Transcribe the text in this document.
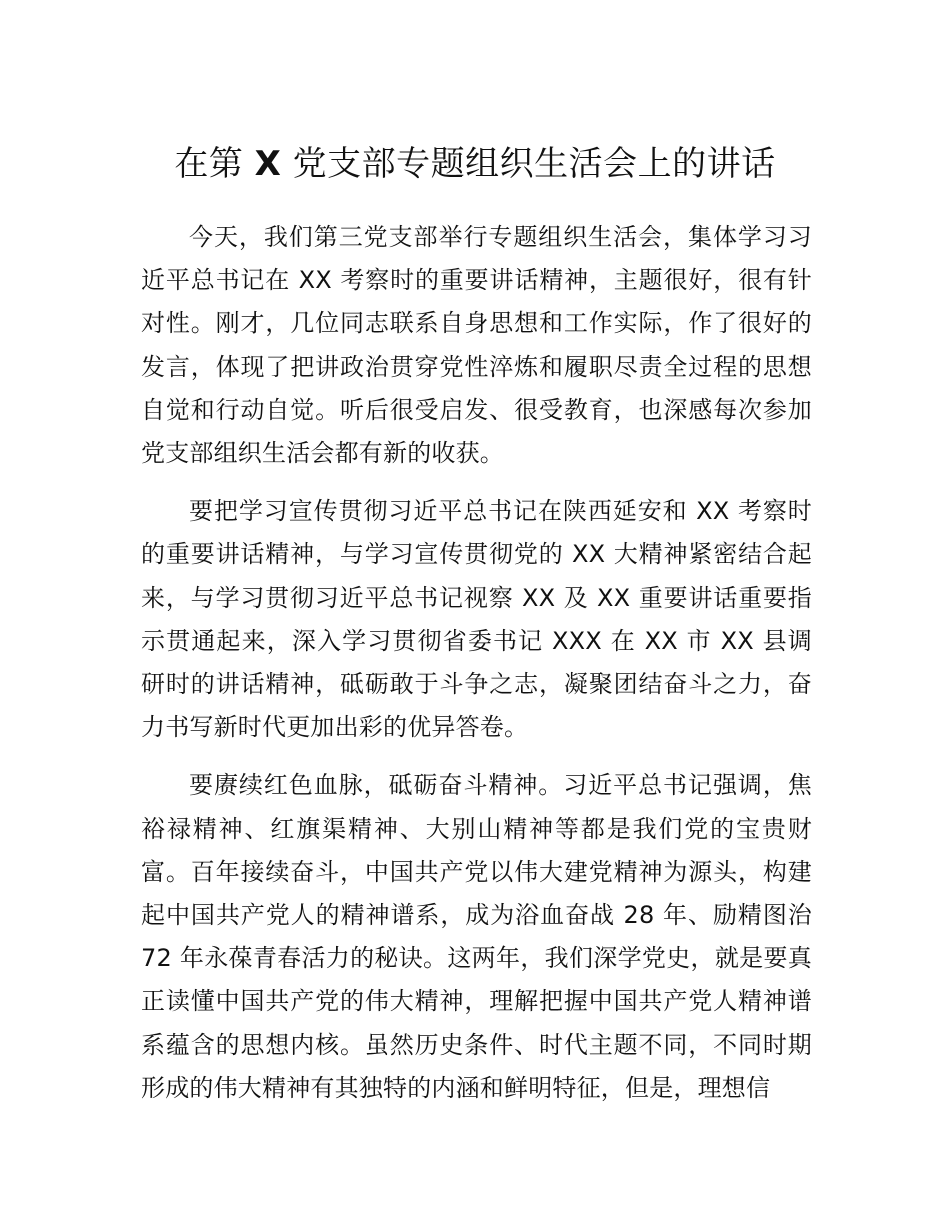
在第 X 党支部专题组织生活会上的讲话

今天，我们第三党支部举行专题组织生活会，集体学习习近平总书记在 XX 考察时的重要讲话精神，主题很好，很有针对性。刚才，几位同志联系自身思想和工作实际，作了很好的发言，体现了把讲政治贯穿党性淬炼和履职尽责全过程的思想自觉和行动自觉。听后很受启发、很受教育，也深感每次参加党支部组织生活会都有新的收获。

要把学习宣传贯彻习近平总书记在陕西延安和 XX 考察时的重要讲话精神，与学习宣传贯彻党的 XX 大精神紧密结合起来，与学习贯彻习近平总书记视察 XX 及 XX 重要讲话重要指示贯通起来，深入学习贯彻省委书记 XXX 在 XX 市 XX 县调研时的讲话精神，砥砺敢于斗争之志，凝聚团结奋斗之力，奋力书写新时代更加出彩的优异答卷。

要赓续红色血脉，砥砺奋斗精神。习近平总书记强调，焦裕禄精神、红旗渠精神、大别山精神等都是我们党的宝贵财富。百年接续奋斗，中国共产党以伟大建党精神为源头，构建起中国共产党人的精神谱系，成为浴血奋战 28 年、励精图治 72 年永葆青春活力的秘诀。这两年，我们深学党史，就是要真正读懂中国共产党的伟大精神，理解把握中国共产党人精神谱系蕴含的思想内核。虽然历史条件、时代主题不同，不同时期形成的伟大精神有其独特的内涵和鲜明特征，但是，理想信
